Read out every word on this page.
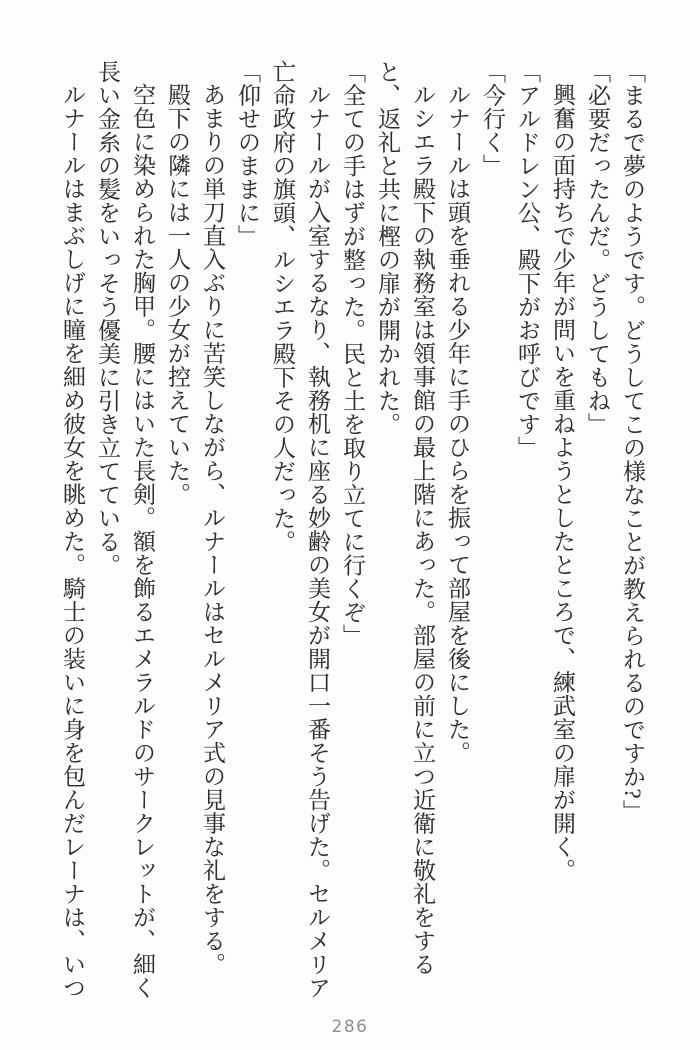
「まるで夢のようです。どうしてこの様なことが教えられるのですか?」

「必要だったんだ。どうしてもね」

興奮の面持ちで少年が問いを重ねようとしたところで、練武室の扉が開く。

「アルドレン公、殿下がお呼びです」

「今行く」

ルナールは頭を垂れる少年に手のひらを振って部屋を後にした。

ルシエラ殿下の執務室は領事館の最上階にあった。部屋の前に立つ近衛に敬礼をすると、返礼と共に樫の扉が開かれた。

「全ての手はずが整った。民と土を取り立てに行くぞ」

ルナールが入室するなり、執務机に座る妙齢の美女が開口一番そう告げた。セルメリア亡命政府の旗頭、ルシエラ殿下その人だった。

「仰せのままに」

あまりの単刀直入ぶりに苦笑しながら、ルナールはセルメリア式の見事な礼をする。

殿下の隣には一人の少女が控えていた。

空色に染められた胸甲。腰にはいた長剣。額を飾るエメラルドのサークレットが、細く長い金糸の髪をいっそう優美に引き立てている。

ルナールはまぶしげに瞳を細め彼女を眺めた。騎士の装いに身を包んだレーナは、いつ

286
